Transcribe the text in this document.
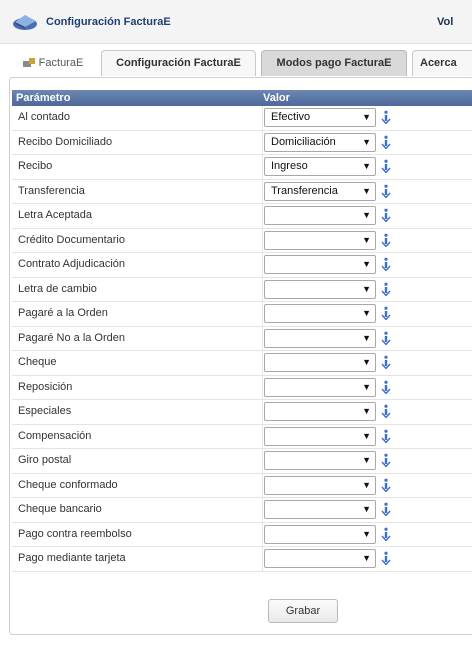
Configuración FacturaE	Vol
FacturaE	Configuración FacturaE	Modos pago FacturaE	Acerca
Parámetro	Valor
Al contado	Efectivo	▼
Recibo Domiciliado	Domiciliación	▼
Recibo	Ingreso	▼
Transferencia	Transferencia	▼
Letra Aceptada	▼
Crédito Documentario	▼
Contrato Adjudicación	▼
Letra de cambio	▼
Pagaré a la Orden	▼
Pagaré No a la Orden	▼
Cheque	▼
Reposición	▼
Especiales	▼
Compensación	▼
Giro postal	▼
Cheque conformado	▼
Cheque bancario	▼
Pago contra reembolso	▼
Pago mediante tarjeta	▼
Grabar
